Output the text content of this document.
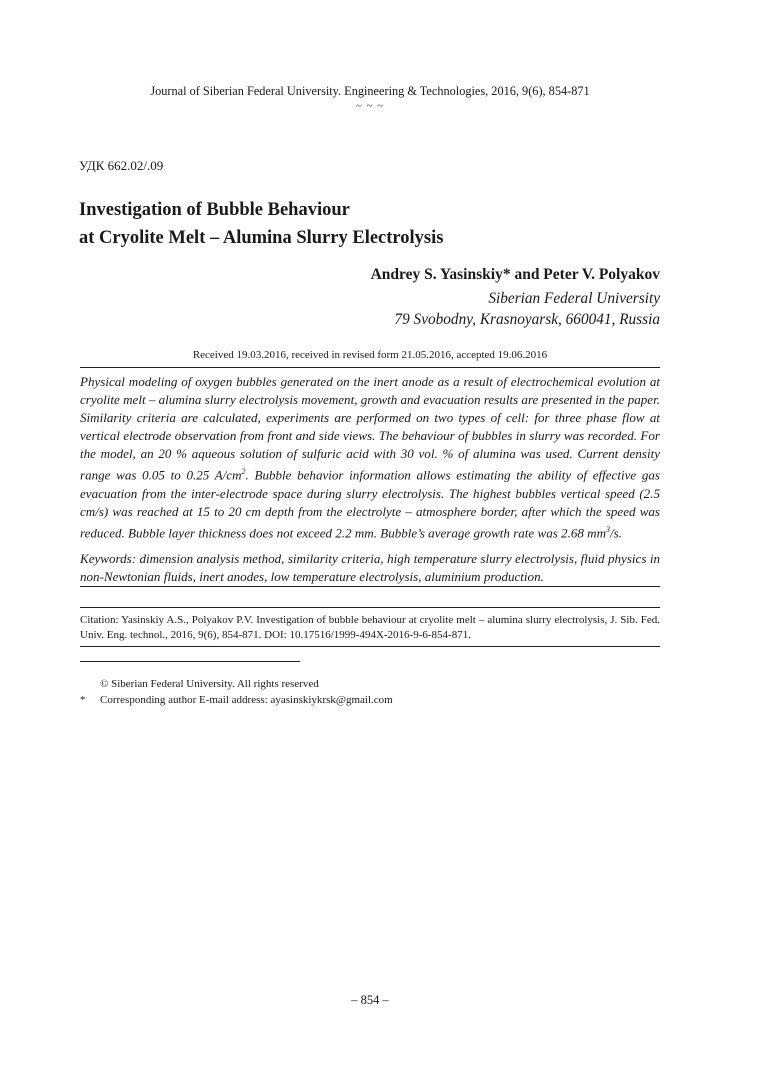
Journal of Siberian Federal University. Engineering & Technologies, 2016, 9(6), 854-871
~ ~ ~
УДК 662.02/.09
Investigation of Bubble Behaviour
at Cryolite Melt – Alumina Slurry Electrolysis
Andrey S. Yasinskiy* and Peter V. Polyakov
Siberian Federal University
79 Svobodny, Krasnoyarsk, 660041, Russia
Received 19.03.2016, received in revised form 21.05.2016, accepted 19.06.2016

Physical modeling of oxygen bubbles generated on the inert anode as a result of electrochemical evolution at cryolite melt – alumina slurry electrolysis movement, growth and evacuation results are presented in the paper. Similarity criteria are calculated, experiments are performed on two types of cell: for three phase flow at vertical electrode observation from front and side views. The behaviour of bubbles in slurry was recorded. For the model, an 20 % aqueous solution of sulfuric acid with 30 vol. % of alumina was used. Current density range was 0.05 to 0.25 $A/cm^2$. Bubble behavior information allows estimating the ability of effective gas evacuation from the inter-electrode space during slurry electrolysis. The highest bubbles vertical speed (2.5 cm/s) was reached at 15 to 20 cm depth from the electrolyte – atmosphere border, after which the speed was reduced. Bubble layer thickness does not exceed 2.2 mm. Bubble’s average growth rate was 2.68 $mm^3/s$.

Keywords: dimension analysis method, similarity criteria, high temperature slurry electrolysis, fluid physics in non-Newtonian fluids, inert anodes, low temperature electrolysis, aluminium production.

Citation: Yasinskiy A.S., Polyakov P.V. Investigation of bubble behaviour at cryolite melt – alumina slurry electrolysis, J. Sib. Fed. Univ. Eng. technol., 2016, 9(6), 854-871. DOI: 10.17516/1999-494X-2016-9-6-854-871.
© Siberian Federal University. All rights reserved
*	Corresponding author E-mail address: ayasinskiykrsk@gmail.com
– 854 –
